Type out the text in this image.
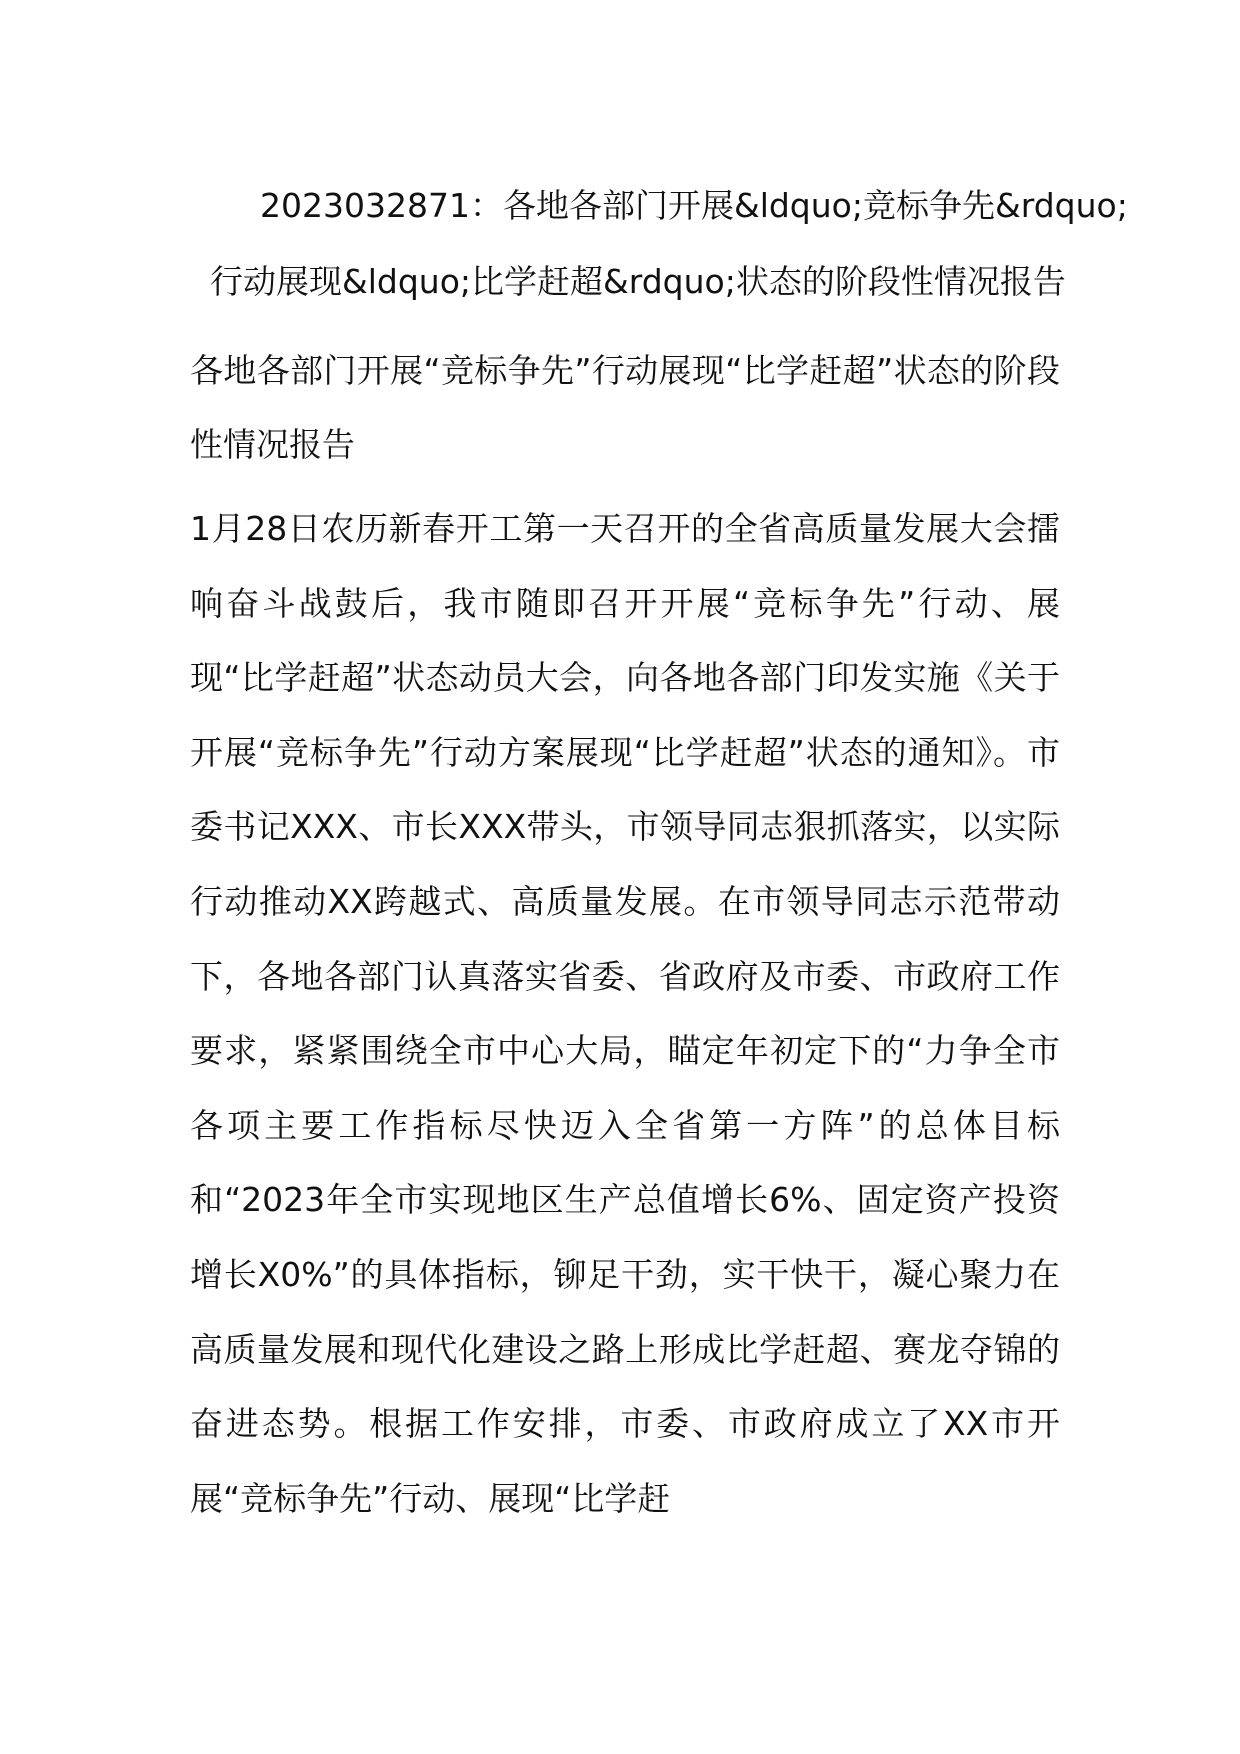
2023032871：各地各部门开展&ldquo;竞标争先&rdquo;
行动展现&ldquo;比学赶超&rdquo;状态的阶段性情况报告
各地各部门开展“竞标争先”行动展现“比学赶超”状态的阶段性情况报告

1月28日农历新春开工第一天召开的全省高质量发展大会擂响奋斗战鼓后，我市随即召开开展“竞标争先”行动、展现“比学赶超”状态动员大会，向各地各部门印发实施《关于开展“竞标争先”行动方案展现“比学赶超”状态的通知》。市委书记XXX、市长XXX带头，市领导同志狠抓落实，以实际行动推动XX跨越式、高质量发展。在市领导同志示范带动下，各地各部门认真落实省委、省政府及市委、市政府工作要求，紧紧围绕全市中心大局，瞄定年初定下的“力争全市各项主要工作指标尽快迈入全省第一方阵”的总体目标和“2023年全市实现地区生产总值增长6%、固定资产投资增长X0%”的具体指标，铆足干劲，实干快干，凝心聚力在高质量发展和现代化建设之路上形成比学赶超、赛龙夺锦的奋进态势。根据工作安排，市委、市政府成立了XX市开展“竞标争先”行动、展现“比学赶
